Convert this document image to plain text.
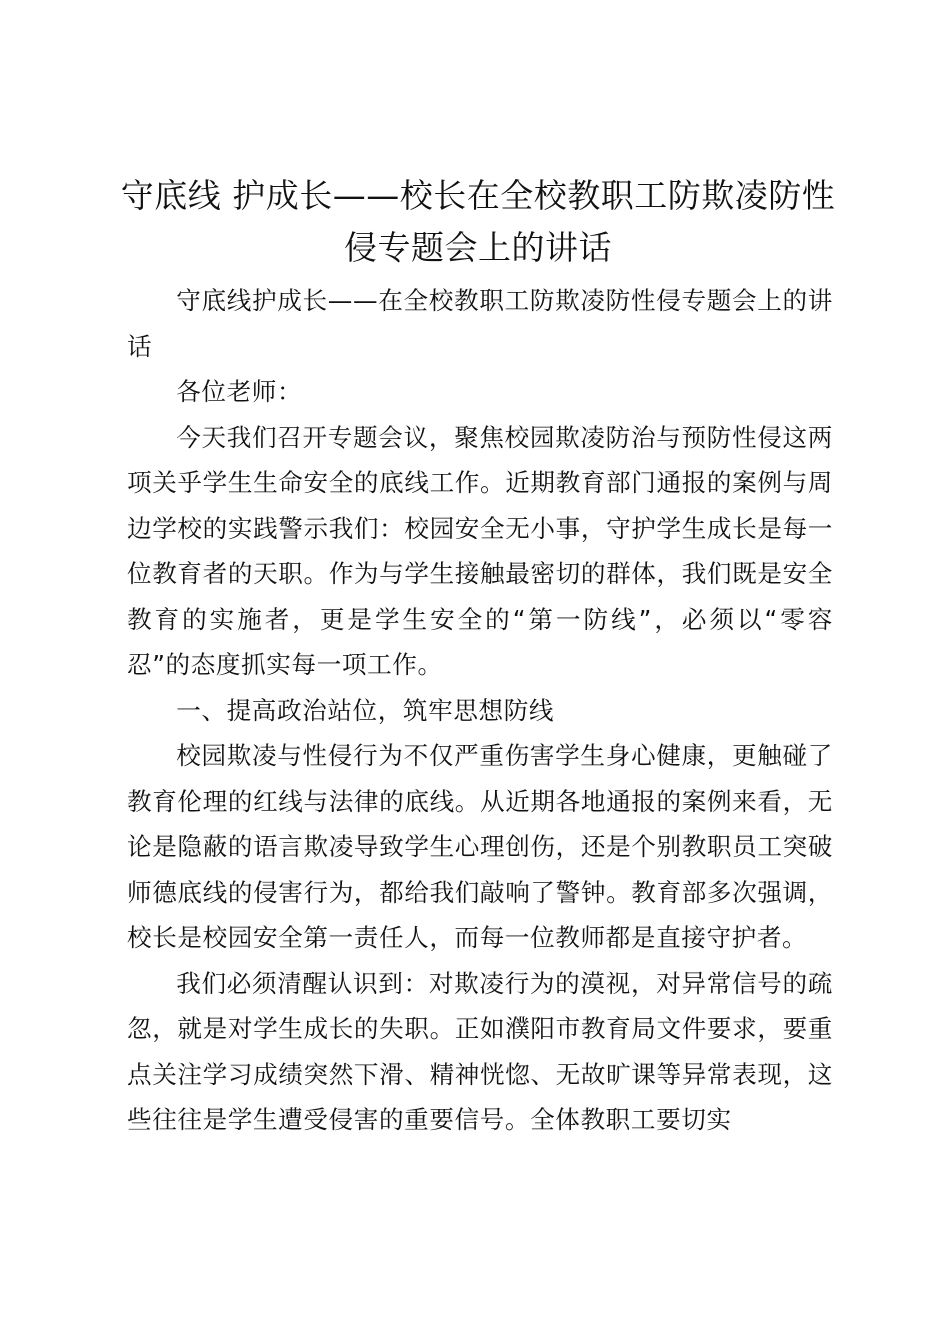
守底线 护成长——校长在全校教职工防欺凌防性侵专题会上的讲话

守底线护成长——在全校教职工防欺凌防性侵专题会上的讲话

各位老师：

今天我们召开专题会议，聚焦校园欺凌防治与预防性侵这两项关乎学生生命安全的底线工作。近期教育部门通报的案例与周边学校的实践警示我们：校园安全无小事，守护学生成长是每一位教育者的天职。作为与学生接触最密切的群体，我们既是安全教育的实施者，更是学生安全的“第一防线”，必须以“零容忍”的态度抓实每一项工作。

一、提高政治站位，筑牢思想防线

校园欺凌与性侵行为不仅严重伤害学生身心健康，更触碰了教育伦理的红线与法律的底线。从近期各地通报的案例来看，无论是隐蔽的语言欺凌导致学生心理创伤，还是个别教职员工突破师德底线的侵害行为，都给我们敲响了警钟。教育部多次强调，校长是校园安全第一责任人，而每一位教师都是直接守护者。

我们必须清醒认识到：对欺凌行为的漠视，对异常信号的疏忽，就是对学生成长的失职。正如濮阳市教育局文件要求，要重点关注学习成绩突然下滑、精神恍惚、无故旷课等异常表现，这些往往是学生遭受侵害的重要信号。全体教职工要切实
